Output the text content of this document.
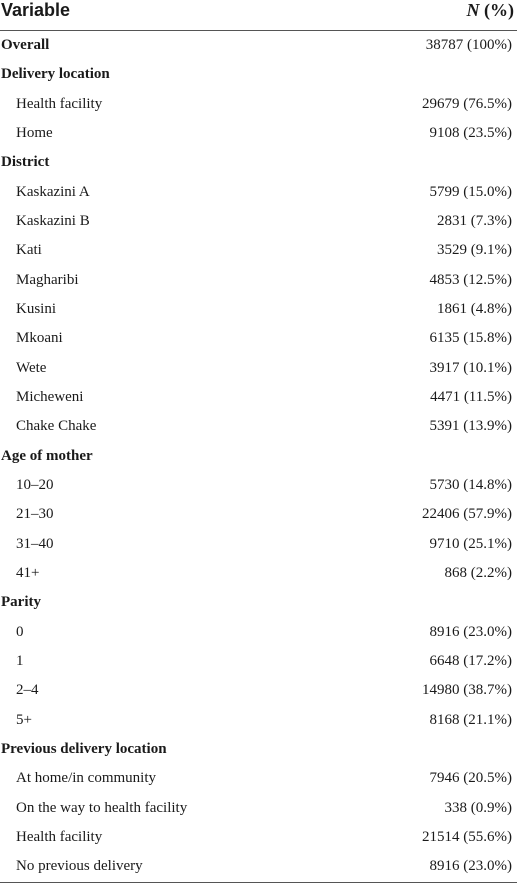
Variable	N (%)
Overall	38787 (100%)
Delivery location
Health facility	29679 (76.5%)
Home	9108 (23.5%)
District
Kaskazini A	5799 (15.0%)
Kaskazini B	2831 (7.3%)
Kati	3529 (9.1%)
Magharibi	4853 (12.5%)
Kusini	1861 (4.8%)
Mkoani	6135 (15.8%)
Wete	3917 (10.1%)
Micheweni	4471 (11.5%)
Chake Chake	5391 (13.9%)
Age of mother
10–20	5730 (14.8%)
21–30	22406 (57.9%)
31–40	9710 (25.1%)
41+	868 (2.2%)
Parity
0	8916 (23.0%)
1	6648 (17.2%)
2–4	14980 (38.7%)
5+	8168 (21.1%)
Previous delivery location
At home/in community	7946 (20.5%)
On the way to health facility	338 (0.9%)
Health facility	21514 (55.6%)
No previous delivery	8916 (23.0%)
